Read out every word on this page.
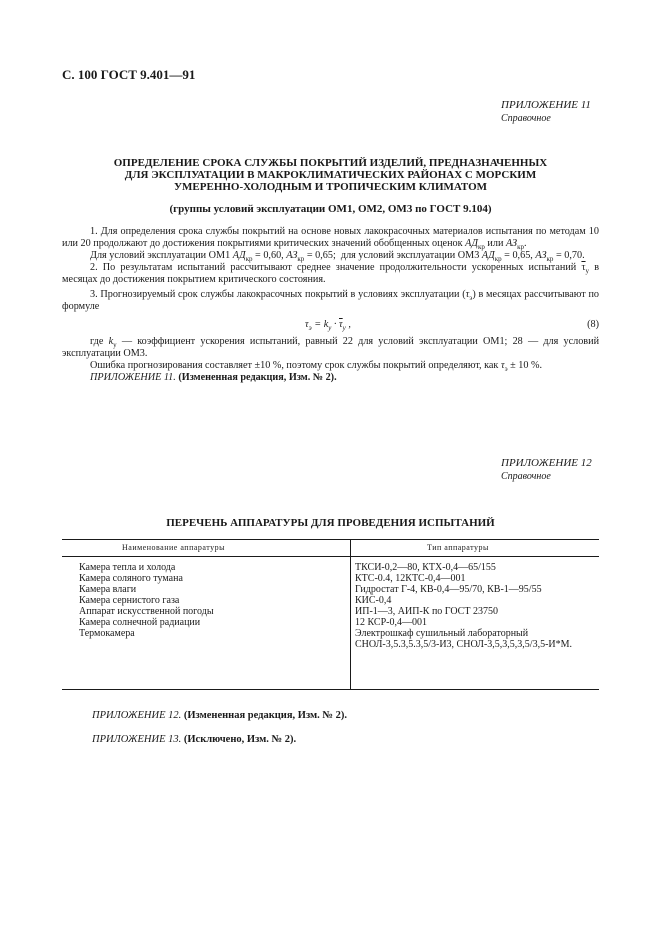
С. 100 ГОСТ 9.401—91
ПРИЛОЖЕНИЕ 11
Справочное
ОПРЕДЕЛЕНИЕ СРОКА СЛУЖБЫ ПОКРЫТИЙ ИЗДЕЛИЙ, ПРЕДНАЗНАЧЕННЫХ
ДЛЯ ЭКСПЛУАТАЦИИ В МАКРОКЛИМАТИЧЕСКИХ РАЙОНАХ С МОРСКИМ
УМЕРЕННО-ХОЛОДНЫМ И ТРОПИЧЕСКИМ КЛИМАТОМ
(группы условий эксплуатации ОМ1, ОМ2, ОМ3 по ГОСТ 9.104)

1. Для определения срока службы покрытий на основе новых лакокрасочных материалов испытания по методам 10 или 20 продолжают до достижения покрытиями критических значений обобщенных оценок $АД_{кр}$ или $АЗ_{кр}$.

Для условий эксплуатации ОМ1 $АД_{кр} = 0,60$, $АЗ_{кр} = 0,65$; для условий эксплуатации ОМ3 $АД_{кр} = 0,65$, $АЗ_{кр} = 0,70$.

2. По результатам испытаний рассчитывают среднее значение продолжительности ускоренных испытаний $\overline{\tau}_у$ в месяцах до достижения покрытием критического состояния.

3. Прогнозируемый срок службы лакокрасочных покрытий в условиях эксплуатации $(\tau_э)$ в месяцах рассчитывают по формуле

$\tau_э = k_у \cdot \overline{\tau}_у$ ,	(8)

где $k_у$ — коэффициент ускорения испытаний, равный 22 для условий эксплуатации ОМ1; 28 — для условий эксплуатации ОМ3.

Ошибка прогнозирования составляет ±10 %, поэтому срок службы покрытий определяют, как $\tau_э \pm 10$ %.

ПРИЛОЖЕНИЕ 11. (Измененная редакция, Изм. № 2).

ПРИЛОЖЕНИЕ 12
Справочное
ПЕРЕЧЕНЬ АППАРАТУРЫ ДЛЯ ПРОВЕДЕНИЯ ИСПЫТАНИЙ
Наименование аппаратуры	Тип аппаратуры
Камера тепла и холода
Камера соляного тумана
Камера влаги
Камера сернистого газа
Аппарат искусственной погоды
Камера солнечной радиации
Термокамера
ТКСИ-0,2—80, КТХ-0,4—65/155
КТС-0.4, 12КТС-0,4—001
Гидростат Г-4, КВ-0,4—95/70, КВ-1—95/55
КИС-0,4
ИП-1—3, АИП-К по ГОСТ 23750
12 КСР-0,4—001
Электрошкаф сушильный лабораторный
СНОЛ-3,5.3,5.3,5/3-И3, СНОЛ-3,5,3,5,3,5/3,5-И*М.
ПРИЛОЖЕНИЕ 12. (Измененная редакция, Изм. № 2).
ПРИЛОЖЕНИЕ 13. (Исключено, Изм. № 2).
